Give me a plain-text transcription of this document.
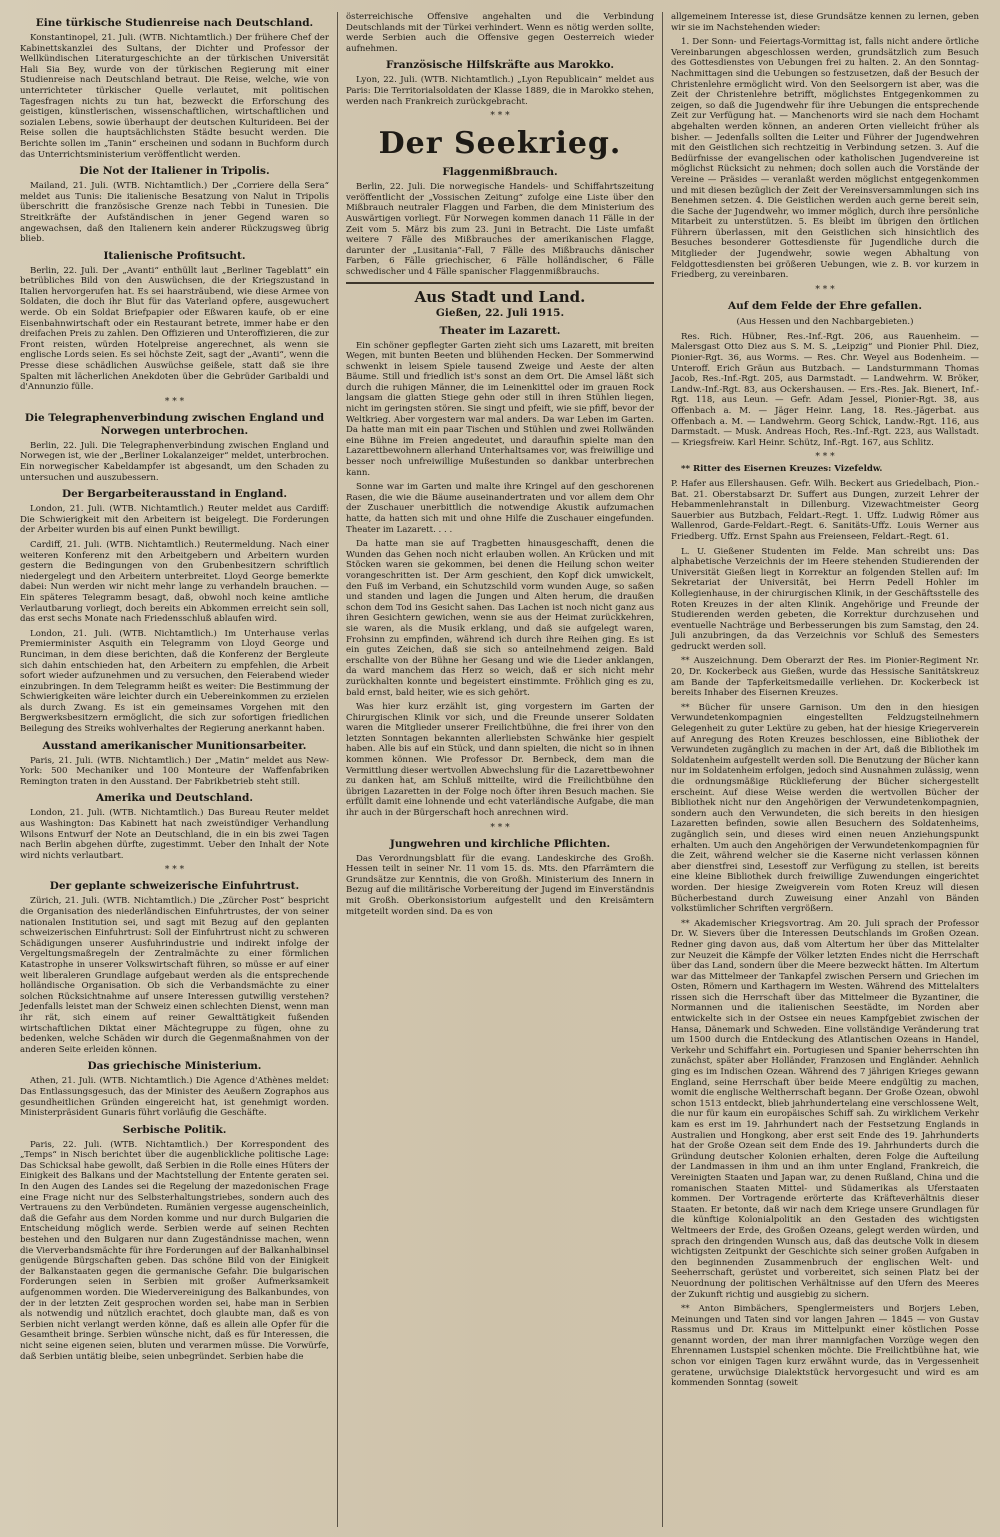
Eine türkische Studienreise nach Deutschland.

Konstantinopel, 21. Juli. (WTB. Nichtamtlich.) Der frühere Chef der Kabinettskanzlei des Sultans, der Dichter und Professor der Wellkündischen Literaturgeschichte an der türkischen Universität Hali Sia Bey, wurde von der türkischen Regierung mit einer Studienreise nach Deutschland betraut. Die Reise, welche, wie von unterrichteter türkischer Quelle verlautet, mit politischen Tagesfragen nichts zu tun hat, bezweckt die Erforschung des geistigen, künstlerischen, wissenschaftlichen, wirtschaftlichen und sozialen Lebens, sowie überhaupt der deutschen Kulturideen. Bei der Reise sollen die hauptsächlichsten Städte besucht werden. Die Berichte sollen im „Tanin“ erscheinen und sodann in Buchform durch das Unterrichtsministerium veröffentlicht werden.

Die Not der Italiener in Tripolis.

Mailand, 21. Juli. (WTB. Nichtamtlich.) Der „Corriere della Sera“ meldet aus Tunis: Die italienische Besatzung von Nalut in Tripolis überschritt die französische Grenze nach Tebbi in Tunesien. Die Streitkräfte der Aufständischen in jener Gegend waren so angewachsen, daß den Italienern kein anderer Rückzugsweg übrig blieb.

Italienische Profitsucht.

Berlin, 22. Juli. Der „Avanti“ enthüllt laut „Berliner Tageblatt“ ein betrübliches Bild von den Auswüchsen, die der Kriegszustand in Italien hervorgerufen hat. Es sei haarsträubend, wie diese Armee von Soldaten, die doch ihr Blut für das Vaterland opfere, ausgewuchert werde. Ob ein Soldat Briefpapier oder Eßwaren kaufe, ob er eine Eisenbahnwirtschaft oder ein Restaurant betrete, immer habe er den dreifachen Preis zu zahlen. Den Offizieren und Unteroffizieren, die zur Front reisten, würden Hotelpreise angerechnet, als wenn sie englische Lords seien. Es sei höchste Zeit, sagt der „Avanti“, wenn die Presse diese schädlichen Auswüchse geißele, statt daß sie ihre Spalten mit lächerlichen Anekdoten über die Gebrüder Garibaldi und d'Annunzio fülle.

* * *
Die Telegraphenverbindung zwischen England und Norwegen unterbrochen.

Berlin, 22. Juli. Die Telegraphenverbindung zwischen England und Norwegen ist, wie der „Berliner Lokalanzeiger“ meldet, unterbrochen. Ein norwegischer Kabeldampfer ist abgesandt, um den Schaden zu untersuchen und auszubessern.

Der Bergarbeiterausstand in England.

London, 21. Juli. (WTB. Nichtamtlich.) Reuter meldet aus Cardiff: Die Schwierigkeit mit den Arbeitern ist beigelegt. Die Forderungen der Arbeiter wurden bis auf einen Punkt bewilligt.

Cardiff, 21. Juli. (WTB. Nichtamtlich.) Reutermeldung. Nach einer weiteren Konferenz mit den Arbeitgebern und Arbeitern wurden gestern die Bedingungen von den Grubenbesitzern schriftlich niedergelegt und den Arbeitern unterbreitet. Lloyd George bemerkte dabei: Nun werden wir nicht mehr lange zu verhandeln brauchen. — Ein späteres Telegramm besagt, daß, obwohl noch keine amtliche Verlautbarung vorliegt, doch bereits ein Abkommen erreicht sein soll, das erst sechs Monate nach Friedensschluß ablaufen wird.

London, 21. Juli. (WTB. Nichtamtlich.) Im Unterhause verlas Premierminister Asquith ein Telegramm von Lloyd George und Runciman, in dem diese berichten, daß die Konferenz der Bergleute sich dahin entschieden hat, den Arbeitern zu empfehlen, die Arbeit sofort wieder aufzunehmen und zu versuchen, den Feierabend wieder einzubringen. In dem Telegramm heißt es weiter: Die Bestimmung der Schwierigkeiten wäre leichter durch ein Uebereinkommen zu erzielen als durch Zwang. Es ist ein gemeinsames Vorgehen mit den Bergwerksbesitzern ermöglicht, die sich zur sofortigen friedlichen Beilegung des Streiks wohlverhaltes der Regierung anerkannt haben.

Ausstand amerikanischer Munitionsarbeiter.

Paris, 21. Juli. (WTB. Nichtamtlich.) Der „Matin“ meldet aus New-York: 500 Mechaniker und 100 Monteure der Waffenfabriken Remington traten in den Ausstand. Der Fabrikbetrieb steht still.

Amerika und Deutschland.

London, 21. Juli. (WTB. Nichtamtlich.) Das Bureau Reuter meldet aus Washington: Das Kabinett hat nach zweistündiger Verhandlung Wilsons Entwurf der Note an Deutschland, die in ein bis zwei Tagen nach Berlin abgehen dürfte, zugestimmt. Ueber den Inhalt der Note wird nichts verlautbart.

* * *
Der geplante schweizerische Einfuhrtrust.

Zürich, 21. Juli. (WTB. Nichtamtlich.) Die „Zürcher Post“ bespricht die Organisation des niederländischen Einfuhrtrustes, der von seiner nationalen Institution sei, und sagt mit Bezug auf den geplanten schweizerischen Einfuhrtrust: Soll der Einfuhrtrust nicht zu schweren Schädigungen unserer Ausfuhrindustrie und indirekt infolge der Vergeltungsmaßregeln der Zentralmächte zu einer förmlichen Katastrophe in unserer Volkswirtschaft führen, so müsse er auf einer weit liberaleren Grundlage aufgebaut werden als die entsprechende holländische Organisation. Ob sich die Verbandsmächte zu einer solchen Rücksichtnahme auf unsere Interessen gutwillig verstehen? Jedenfalls leistet man der Schweiz einen schlechten Dienst, wenn man ihr rät, sich einem auf reiner Gewalttätigkeit fußenden wirtschaftlichen Diktat einer Mächtegruppe zu fügen, ohne zu bedenken, welche Schäden wir durch die Gegenmaßnahmen von der anderen Seite erleiden können.

Das griechische Ministerium.

Athen, 21. Juli. (WTB. Nichtamtlich.) Die Agence d'Athènes meldet: Das Entlassungsgesuch, das der Minister des Aeußern Zographos aus gesundheitlichen Gründen eingereicht hat, ist genehmigt worden. Ministerpräsident Gunaris führt vorläufig die Geschäfte.

Serbische Politik.

Paris, 22. Juli. (WTB. Nichtamtlich.) Der Korrespondent des „Temps“ in Nisch berichtet über die augenblickliche politische Lage: Das Schicksal habe gewollt, daß Serbien in die Rolle eines Hüters der Einigkeit des Balkans und der Machtstellung der Entente geraten sei. In den Augen des Landes sei die Regelung der mazedonischen Frage eine Frage nicht nur des Selbsterhaltungstriebes, sondern auch des Vertrauens zu den Verbündeten. Rumänien vergesse augenscheinlich, daß die Gefahr aus dem Norden komme und nur durch Bulgarien die Entscheidung möglich werde. Serbien werde auf seinen Rechten bestehen und den Bulgaren nur dann Zugeständnisse machen, wenn die Vierverbandsmächte für ihre Forderungen auf der Balkanhalbinsel genügende Bürgschaften geben. Das schöne Bild von der Einigkeit der Balkanstaaten gegen die germanische Gefahr. Die bulgarischen Forderungen seien in Serbien mit großer Aufmerksamkeit aufgenommen worden. Die Wiedervereinigung des Balkanbundes, von der in der letzten Zeit gesprochen worden sei, habe man in Serbien als notwendig und nützlich erachtet, doch glaubte man, daß es von Serbien nicht verlangt werden könne, daß es allein alle Opfer für die Gesamtheit bringe. Serbien wünsche nicht, daß es für Interessen, die nicht seine eigenen seien, bluten und verarmen müsse. Die Vorwürfe, daß Serbien untätig bleibe, seien unbegründet. Serbien habe die

österreichische Offensive angehalten und die Verbindung Deutschlands mit der Türkei verhindert. Wenn es nötig werden sollte, werde Serbien auch die Offensive gegen Oesterreich wieder aufnehmen.

Französische Hilfskräfte aus Marokko.

Lyon, 22. Juli. (WTB. Nichtamtlich.) „Lyon Republicain“ meldet aus Paris: Die Territorialsoldaten der Klasse 1889, die in Marokko stehen, werden nach Frankreich zurückgebracht.

* * *
Der Seekrieg.
Flaggenmißbrauch.

Berlin, 22. Juli. Die norwegische Handels- und Schiffahrtszeitung veröffentlicht der „Vossischen Zeitung“ zufolge eine Liste über den Mißbrauch neutraler Flaggen und Farben, die dem Ministerium des Auswärtigen vorliegt. Für Norwegen kommen danach 11 Fälle in der Zeit vom 5. März bis zum 23. Juni in Betracht. Die Liste umfaßt weitere 7 Fälle des Mißbrauches der amerikanischen Flagge, darunter der „Lusitania“-Fall, 7 Fälle des Mißbrauchs dänischer Farben, 6 Fälle griechischer, 6 Fälle holländischer, 6 Fälle schwedischer und 4 Fälle spanischer Flaggenmißbrauchs.

Aus Stadt und Land.
Gießen, 22. Juli 1915.
Theater im Lazarett.

Ein schöner gepflegter Garten zieht sich ums Lazarett, mit breiten Wegen, mit bunten Beeten und blühenden Hecken. Der Sommerwind schwenkt in leisem Spiele tausend Zweige und Aeste der alten Bäume. Still und friedlich ist's sonst an dem Ort. Die Amsel läßt sich durch die ruhigen Männer, die im Leinenkittel oder im grauen Rock langsam die glatten Stiege gehn oder still in ihren Stühlen liegen, nicht im geringsten stören. Sie singt und pfeift, wie sie pfiff, bevor der Weltkrieg. Aber vorgestern war mal anders. Da war Leben im Garten. Da hatte man mit ein paar Tischen und Stühlen und zwei Rollwänden eine Bühne im Freien angedeutet, und daraufhin spielte man den Lazarettbewohnern allerhand Unterhaltsames vor, was freiwillige und besser noch unfreiwillige Mußestunden so dankbar unterbrechen kann.

Sonne war im Garten und malte ihre Kringel auf den geschorenen Rasen, die wie die Bäume auseinandertraten und vor allem dem Ohr der Zuschauer unerbittlich die notwendige Akustik aufzumachen hatte, da hatten sich mit und ohne Hilfe die Zuschauer eingefunden. Theater im Lazarett. . . .

Da hatte man sie auf Tragbetten hinausgeschafft, denen die Wunden das Gehen noch nicht erlauben wollen. An Krücken und mit Stöcken waren sie gekommen, bei denen die Heilung schon weiter vorangeschritten ist. Der Arm geschient, den Kopf dick umwickelt, den Fuß im Verband, ein Schutzschild vorm wunden Auge, so saßen und standen und lagen die Jungen und Alten herum, die draußen schon dem Tod ins Gesicht sahen. Das Lachen ist noch nicht ganz aus ihren Gesichtern gewichen, wenn sie aus der Heimat zurückkehren, sie waren, als die Musik erklang, und daß sie aufgelegt waren, Frohsinn zu empfinden, während ich durch ihre Reihen ging. Es ist ein gutes Zeichen, daß sie sich so anteilnehmend zeigen. Bald erschallte von der Bühne her Gesang und wie die Lieder anklangen, da ward manchem das Herz so weich, daß er sich nicht mehr zurückhalten konnte und begeistert einstimmte. Fröhlich ging es zu, bald ernst, bald heiter, wie es sich gehört.

Was hier kurz erzählt ist, ging vorgestern im Garten der Chirurgischen Klinik vor sich, und die Freunde unserer Soldaten waren die Mitglieder unserer Freilichtbühne, die frei ihrer von den letzten Sonntagen bekannten allerliebsten Schwänke hier gespielt haben. Alle bis auf ein Stück, und dann spielten, die nicht so in ihnen kommen können. Wie Professor Dr. Bernbeck, dem man die Vermittlung dieser wertvollen Abwechslung für die Lazarettbewohner zu danken hat, am Schluß mitteilte, wird die Freilichtbühne den übrigen Lazaretten in der Folge noch öfter ihren Besuch machen. Sie erfüllt damit eine lohnende und echt vaterländische Aufgabe, die man ihr auch in der Bürgerschaft hoch anrechnen wird.

* * *
Jungwehren und kirchliche Pflichten.

Das Verordnungsblatt für die evang. Landeskirche des Großh. Hessen teilt in seiner Nr. 11 vom 15. ds. Mts. den Pfarrämtern die Grundsätze zur Kenntnis, die von Großh. Ministerium des Innern in Bezug auf die militärische Vorbereitung der Jugend im Einverständnis mit Großh. Oberkonsistorium aufgestellt und den Kreisämtern mitgeteilt worden sind. Da es von

allgemeinem Interesse ist, diese Grundsätze kennen zu lernen, geben wir sie im Nachstehenden wieder:

1. Der Sonn- und Feiertags-Vormittag ist, falls nicht andere örtliche Vereinbarungen abgeschlossen werden, grundsätzlich zum Besuch des Gottesdienstes von Uebungen frei zu halten. 2. An den Sonntag-Nachmittagen sind die Uebungen so festzusetzen, daß der Besuch der Christenlehre ermöglicht wird. Von den Seelsorgern ist aber, was die Zeit der Christenlehre betrifft, möglichstes Entgegenkommen zu zeigen, so daß die Jugendwehr für ihre Uebungen die entsprechende Zeit zur Verfügung hat. — Manchenorts wird sie nach dem Hochamt abgehalten werden können, an anderen Orten vielleicht früher als bisher. — Jedenfalls sollten die Leiter und Führer der Jugendwehren mit den Geistlichen sich rechtzeitig in Verbindung setzen. 3. Auf die Bedürfnisse der evangelischen oder katholischen Jugendvereine ist möglichst Rücksicht zu nehmen; doch sollen auch die Vorstände der Vereine — Präsides — veranlaßt werden möglichst entgegenkommen und mit diesen bezüglich der Zeit der Vereinsversammlungen sich ins Benehmen setzen. 4. Die Geistlichen werden auch gerne bereit sein, die Sache der Jugendwehr, wo immer möglich, durch ihre persönliche Mitarbeit zu unterstützen. 5. Es bleibt im übrigen den örtlichen Führern überlassen, mit den Geistlichen sich hinsichtlich des Besuches besonderer Gottesdienste für Jugendliche durch die Mitglieder der Jugendwehr, sowie wegen Abhaltung von Feldgottesdiensten bei größeren Uebungen, wie z. B. vor kurzem in Friedberg, zu vereinbaren.

* * *
Auf dem Felde der Ehre gefallen.
(Aus Hessen und den Nachbargebieten.)

Res. Rich. Hübner, Res.-Inf.-Rgt. 206, aus Rauenheim. — Malersgast Otto Diez aus S. M. S. „Leipzig“ und Pionier Phil. Diez, Pionier-Rgt. 36, aus Worms. — Res. Chr. Weyel aus Bodenheim. — Unteroff. Erich Gräun aus Butzbach. — Landsturmmann Thomas Jacob, Res.-Inf.-Rgt. 205, aus Darmstadt. — Landwehrm. W. Bröker, Landw.-Inf.-Rgt. 83, aus Ockershausen. — Ers.-Res. Jak. Bienert, Inf.-Rgt. 118, aus Leun. — Gefr. Adam Jessel, Pionier-Rgt. 38, aus Offenbach a. M. — Jäger Heinr. Lang, 18. Res.-Jägerbat. aus Offenbach a. M. — Landwehrm. Georg Schick, Landw.-Rgt. 116, aus Darmstadt. — Musk. Andreas Hoch, Res.-Inf.-Rgt. 223, aus Wallstadt. — Kriegsfreiw. Karl Heinr. Schütz, Inf.-Rgt. 167, aus Schlitz.

* * *

** Ritter des Eisernen Kreuzes: Vizefeldw.

P. Hafer aus Ellershausen. Gefr. Wilh. Beckert aus Griedelbach, Pion.-Bat. 21. Oberstabsarzt Dr. Suffert aus Dungen, zurzeit Lehrer der Hebammenlehranstalt in Dillenburg. Vizewachtmeister Georg Sauerbier aus Butzbach, Feldart.-Regt. 1. Uffz. Ludwig Römer aus Wallenrod, Garde-Feldart.-Regt. 6. Sanitäts-Uffz. Louis Werner aus Friedberg. Uffz. Ernst Spahn aus Freienseen, Feldart.-Regt. 61.

L. U. Gießener Studenten im Felde. Man schreibt uns: Das alphabetische Verzeichnis der im Heere stehenden Studierenden der Universität Gießen liegt in Korrektur an folgenden Stellen auf: Im Sekretariat der Universität, bei Herrn Pedell Hohler im Kollegienhause, in der chirurgischen Klinik, in der Geschäftsstelle des Roten Kreuzes in der alten Klinik. Angehörige und Freunde der Studierenden werden gebeten, die Korrektur durchzusehen und eventuelle Nachträge und Berbesserungen bis zum Samstag, den 24. Juli anzubringen, da das Verzeichnis vor Schluß des Semesters gedruckt werden soll.

** Auszeichnung. Dem Oberarzt der Res. im Pionier-Regiment Nr. 20, Dr. Kockerbeck aus Gießen, wurde das Hessische Sanitätskreuz am Bande der Tapferkeitsmedaille verliehen. Dr. Kockerbeck ist bereits Inhaber des Eisernen Kreuzes.

** Bücher für unsere Garnison. Um den in den hiesigen Verwundetenkompagnien eingestellten Feldzugsteilnehmern Gelegenheit zu guter Lektüre zu geben, hat der hiesige Kriegerverein auf Anregung des Roten Kreuzes beschlossen, eine Bibliothek der Verwundeten zugänglich zu machen in der Art, daß die Bibliothek im Soldatenheim aufgestellt werden soll. Die Benutzung der Bücher kann nur im Soldatenheim erfolgen, jedoch sind Ausnahmen zulässig, wenn die ordnungsmäßige Rücklieferung der Bücher sichergestellt erscheint. Auf diese Weise werden die wertvollen Bücher der Bibliothek nicht nur den Angehörigen der Verwundetenkompagnien, sondern auch den Verwundeten, die sich bereits in den hiesigen Lazaretten befinden, sowie allen Besuchern des Soldatenheims, zugänglich sein, und dieses wird einen neuen Anziehungspunkt erhalten. Um auch den Angehörigen der Verwundetenkompagnien für die Zeit, während welcher sie die Kaserne nicht verlassen können aber dienstfrei sind, Lesestoff zur Verfügung zu stellen, ist bereits eine kleine Bibliothek durch freiwillige Zuwendungen eingerichtet worden. Der hiesige Zweigverein vom Roten Kreuz will diesen Bücherbestand durch Zuweisung einer Anzahl von Bänden volkstümlicher Schriften vergrößern.

** Akademischer Kriegsvortrag. Am 20. Juli sprach der Professor Dr. W. Sievers über die Interessen Deutschlands im Großen Ozean. Redner ging davon aus, daß vom Altertum her über das Mittelalter zur Neuzeit die Kämpfe der Völker letzten Endes nicht die Herrschaft über das Land, sondern über die Meere bezweckt hätten. Im Altertum war das Mittelmeer der Tankapfel zwischen Persern und Griechen im Osten, Römern und Karthagern im Westen. Während des Mittelalters rissen sich die Herrschaft über das Mittelmeer die Byzantiner, die Normannen und die italienischen Seestädte, im Norden aber entwickelte sich in der Ostsee ein neues Kampfgebiet zwischen der Hansa, Dänemark und Schweden. Eine vollständige Veränderung trat um 1500 durch die Entdeckung des Atlantischen Ozeans in Handel, Verkehr und Schiffahrt ein. Portugiesen und Spanier beherrschten ihn zunächst, später aber Holländer, Franzosen und Engländer. Aehnlich ging es im Indischen Ozean. Während des 7 jährigen Krieges gewann England, seine Herrschaft über beide Meere endgültig zu machen, womit die englische Weltherrschaft begann. Der Große Ozean, obwohl schon 1513 entdeckt, blieb jahrhundertelang eine verschlossene Welt, die nur für kaum ein europäisches Schiff sah. Zu wirklichem Verkehr kam es erst im 19. Jahrhundert nach der Festsetzung Englands in Australien und Hongkong, aber erst seit Ende des 19. Jahrhunderts hat der Große Ozean seit dem Ende des 19. Jahrhunderts durch die Gründung deutscher Kolonien erhalten, deren Folge die Aufteilung der Landmassen in ihm und an ihm unter England, Frankreich, die Vereinigten Staaten und Japan war, zu denen Rußland, China und die romanischen Staaten Mittel- und Südamerikas als Uferstaaten kommen. Der Vortragende erörterte das Kräfteverhältnis dieser Staaten. Er betonte, daß wir nach dem Kriege unsere Grundlagen für die künftige Kolonialpolitik an den Gestaden des wichtigsten Weltmeers der Erde, des Großen Ozeans, gelegt werden würden, und sprach den dringenden Wunsch aus, daß das deutsche Volk in diesem wichtigsten Zeitpunkt der Geschichte sich seiner großen Aufgaben in den beginnenden Zusammenbruch der englischen Welt- und Seeherrschaft, gerüstet und vorbereitet, sich seinen Platz bei der Neuordnung der politischen Verhältnisse auf den Ufern des Meeres der Zukunft richtig und ausgiebig zu sichern.

** Anton Bimbächers, Spenglermeisters und Borjers Leben, Meinungen und Taten sind vor langen Jahren — 1845 — von Gustav Rassmus und Dr. Kraus im Mittelpunkt einer köstlichen Posse genannt worden, der man ihrer mannigfachen Vorzüge wegen den Ehrennamen Lustspiel schenken möchte. Die Freilichtbühne hat, wie schon vor einigen Tagen kurz erwähnt wurde, das in Vergessenheit geratene, urwüchsige Dialektstück hervorgesucht und wird es am kommenden Sonntag (soweit
